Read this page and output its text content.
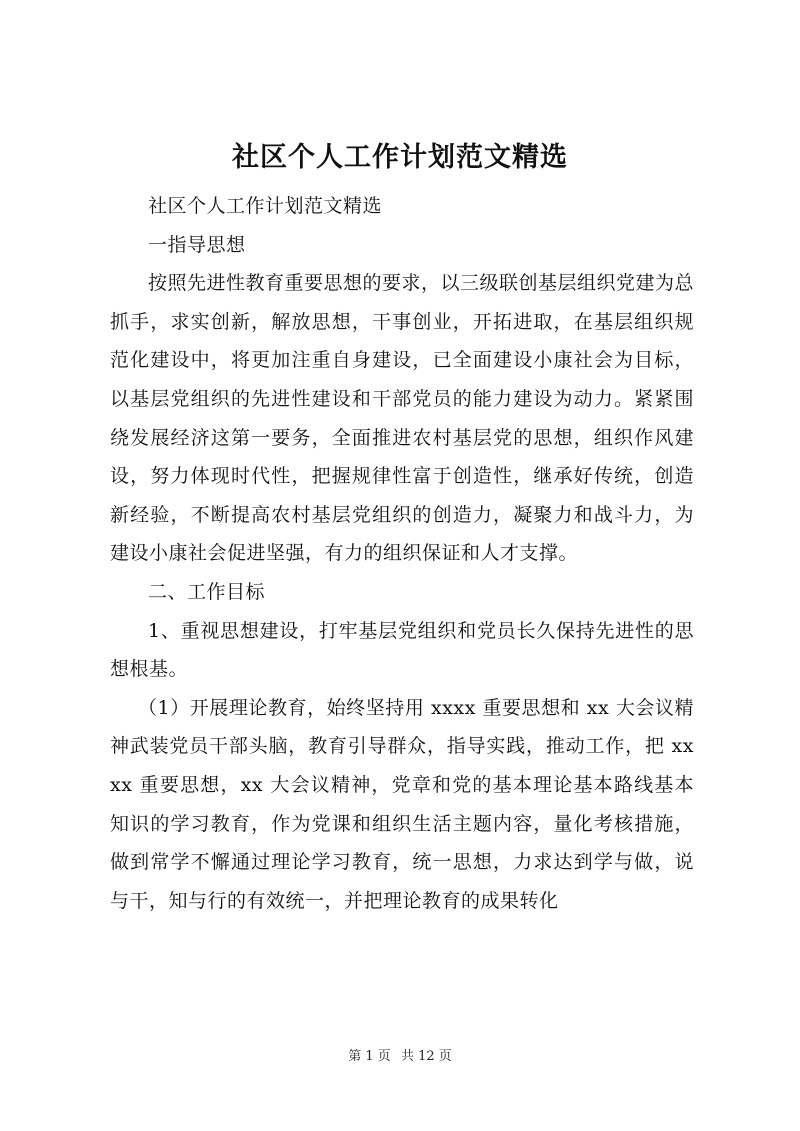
社区个人工作计划范文精选

社区个人工作计划范文精选

一指导思想

按照先进性教育重要思想的要求，以三级联创基层组织党建为总抓手，求实创新，解放思想，干事创业，开拓进取，在基层组织规范化建设中，将更加注重自身建设，已全面建设小康社会为目标，以基层党组织的先进性建设和干部党员的能力建设为动力。紧紧围绕发展经济这第一要务，全面推进农村基层党的思想，组织作风建设，努力体现时代性，把握规律性富于创造性，继承好传统，创造新经验，不断提高农村基层党组织的创造力，凝聚力和战斗力，为建设小康社会促进坚强，有力的组织保证和人才支撑。

二、工作目标

1、重视思想建设，打牢基层党组织和党员长久保持先进性的思想根基。

（1）开展理论教育，始终坚持用 xxxx 重要思想和 xx 大会议精神武装党员干部头脑，教育引导群众，指导实践，推动工作，把 xxxx 重要思想，xx 大会议精神，党章和党的基本理论基本路线基本知识的学习教育，作为党课和组织生活主题内容，量化考核措施，做到常学不懈通过理论学习教育，统一思想，力求达到学与做，说与干，知与行的有效统一，并把理论教育的成果转化

第 1 页 共 12 页
